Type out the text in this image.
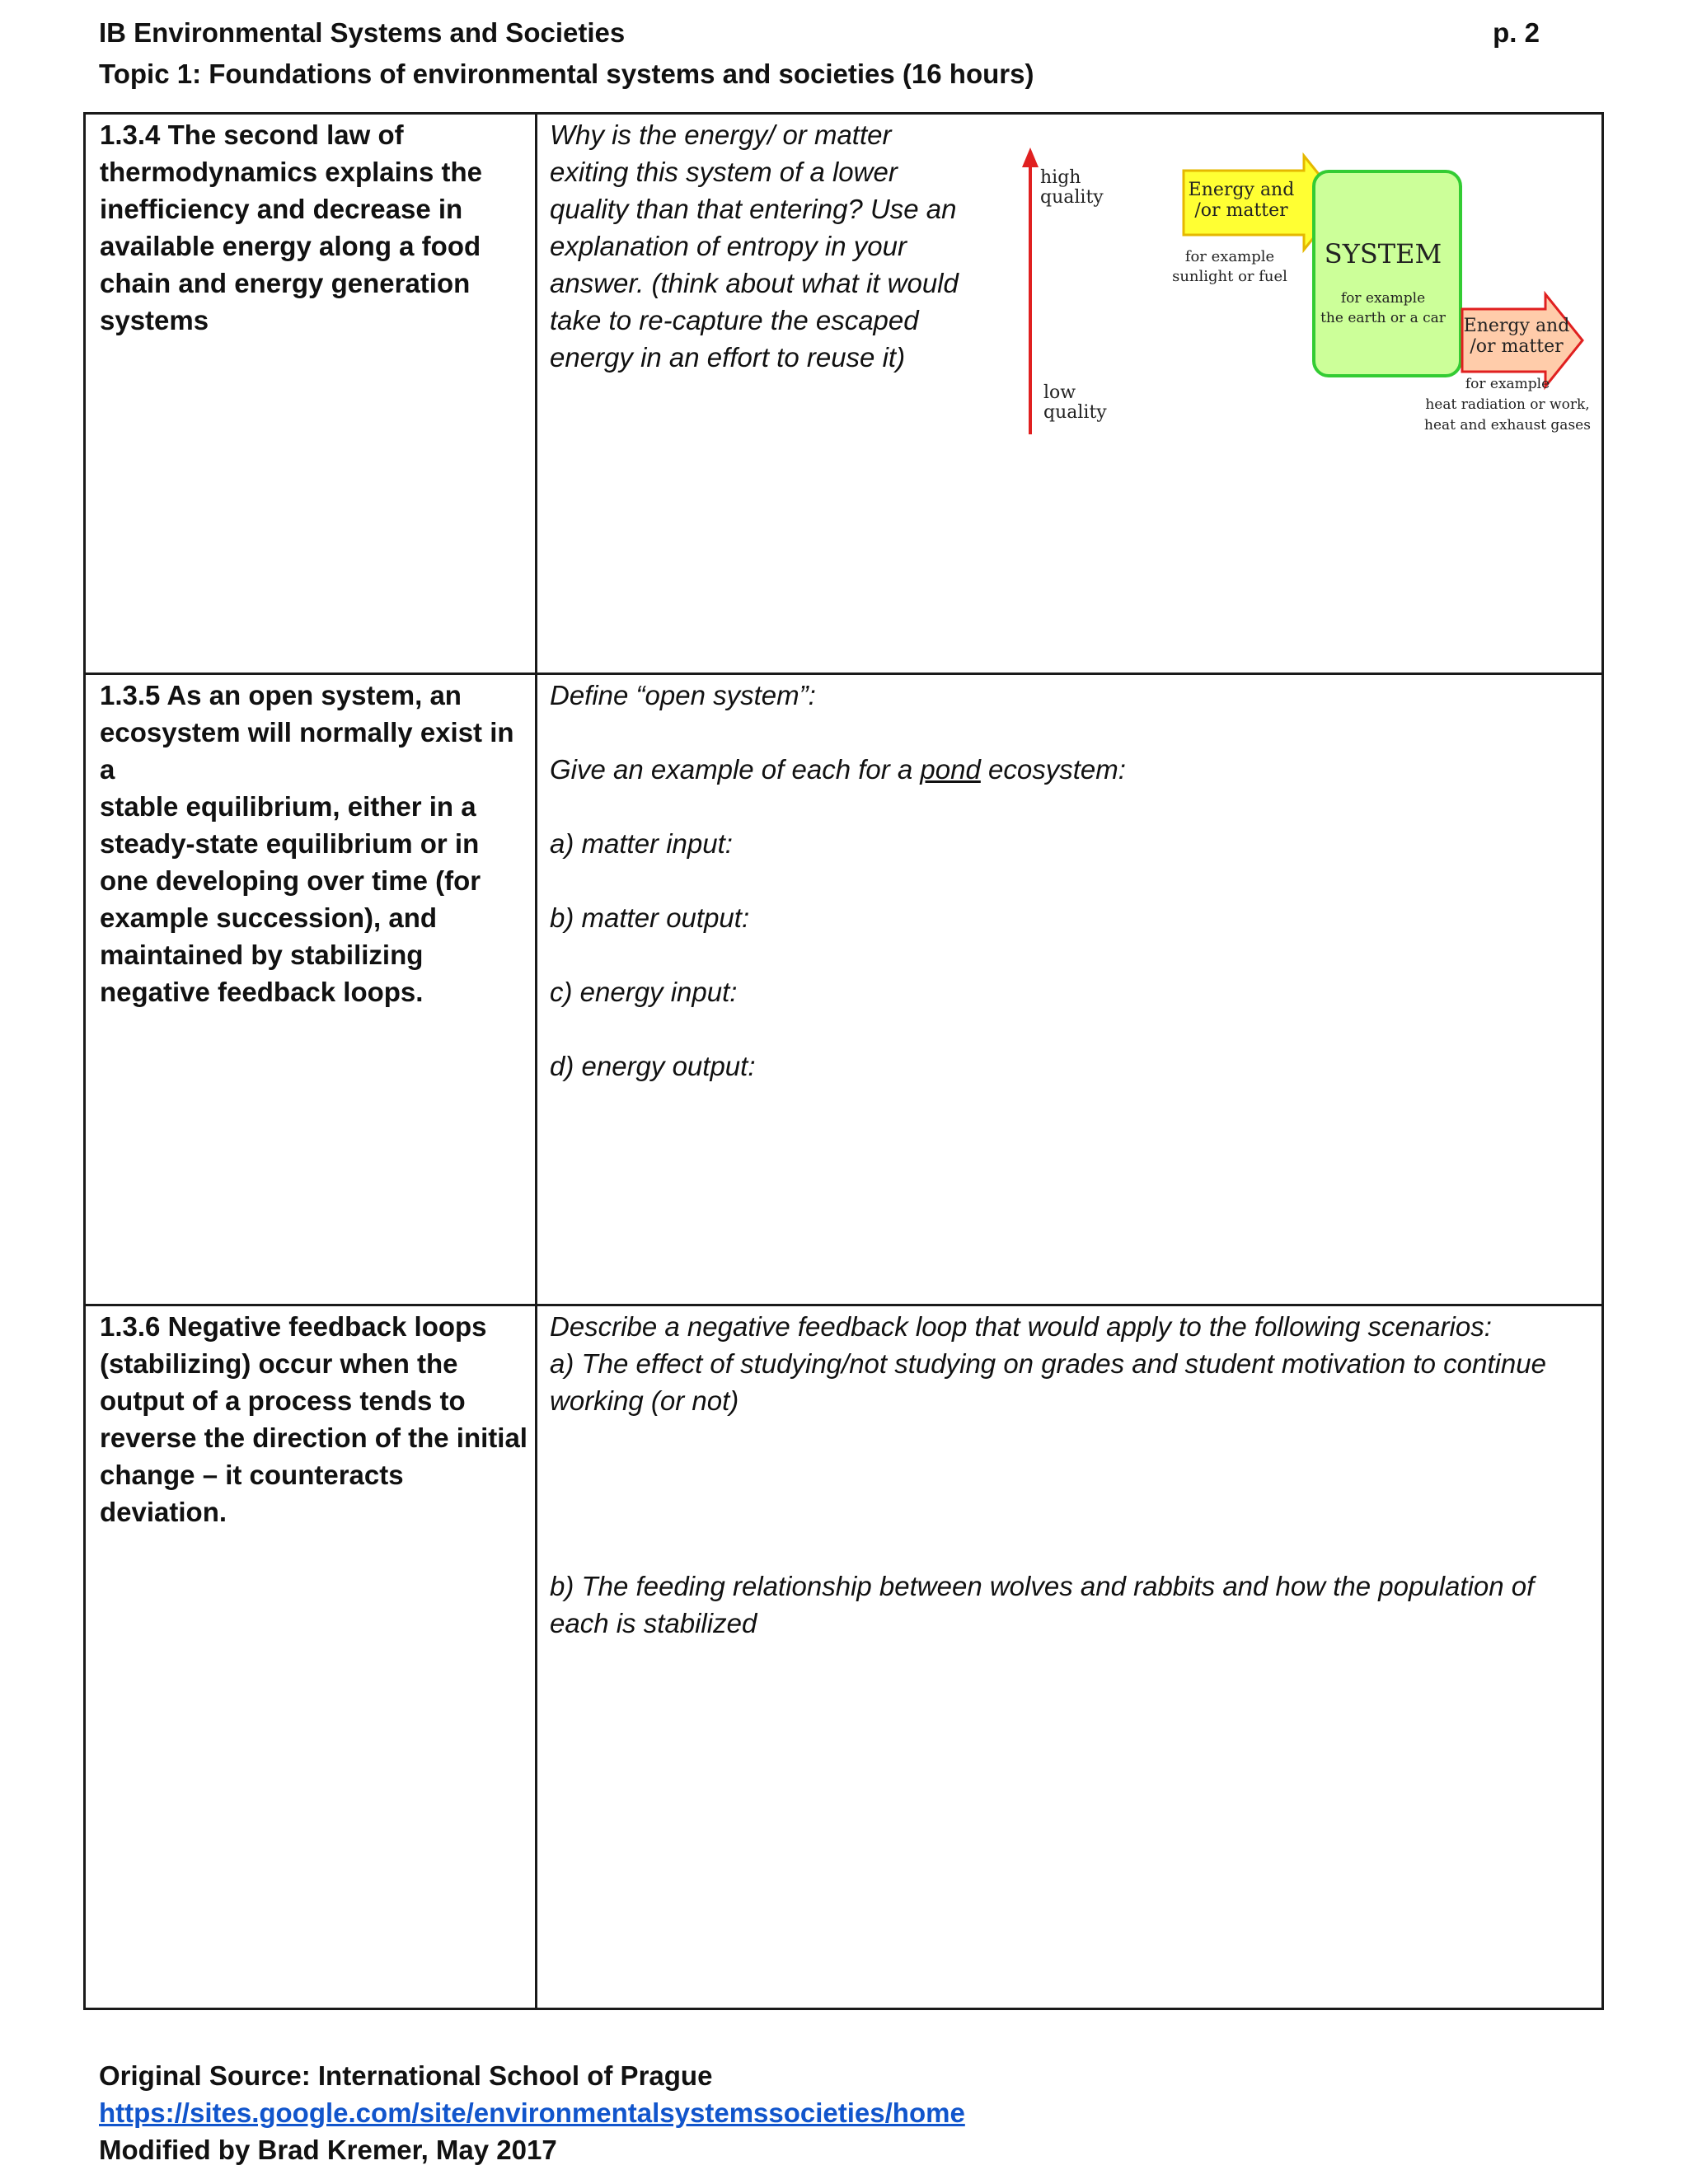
IB Environmental Systems and Societies	p. 2
Topic 1: Foundations of environmental systems and societies (16 hours)
1.3.4 The second law of
thermodynamics explains the
inefficiency and decrease in
available energy along a food
chain and energy generation
systems
Why is the energy/ or matter
exiting this system of a lower
quality than that entering? Use an
explanation of entropy in your
answer. (think about what it would
take to re-capture the escaped
energy in an effort to reuse it)
1.3.5 As an open system, an
ecosystem will normally exist in a
stable equilibrium, either in a
steady-state equilibrium or in
one developing over time (for
example succession), and
maintained by stabilizing
negative feedback loops.
Define “open system”:

Give an example of each for a pond ecosystem:

a) matter input:

b) matter output:

c) energy input:

d) energy output:
1.3.6 Negative feedback loops
(stabilizing) occur when the
output of a process tends to
reverse the direction of the initial
change – it counteracts
deviation.
Describe a negative feedback loop that would apply to the following scenarios:
a) The effect of studying/not studying on grades and student motivation to continue
working (or not)
b) The feeding relationship between wolves and rabbits and how the population of
each is stabilized
high quality
low quality
Energy and /or matter
for example sunlight or fuel
SYSTEM
for example the earth or a car Energy and /or matter
for example heat radiation or work, heat and exhaust gases
Original Source: International School of Prague
https://sites.google.com/site/environmentalsystemssocieties/home
Modified by Brad Kremer, May 2017
